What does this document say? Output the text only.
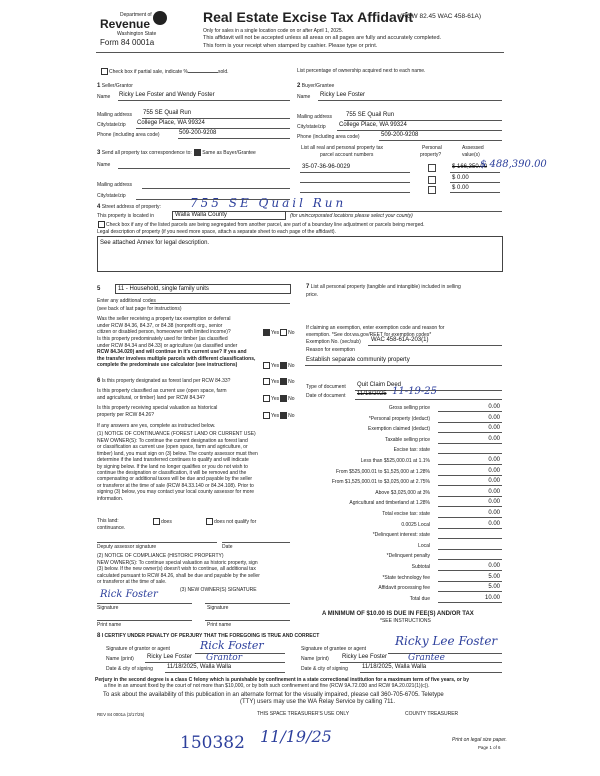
Department of
Revenue
Washington State
Form 84 0001a
Real Estate Excise Tax Affidavit
(RCW 82.45 WAC 458-61A)
Only for sales in a single location code on or after April 1, 2025.
This affidavit will not be accepted unless all areas on all pages are fully and accurately completed.
This form is your receipt when stamped by cashier. Please type or print.
Check box if partial sale, indicate %	sold.	List percentage of ownership acquired next to each name.
1 Seller/Grantor
Name Ricky Lee Foster and Wendy Foster
Mailing address 755 SE Quail Run
City/state/zip College Place, WA 99324
Phone (including area code)	509-200-9208
2 Buyer/Grantee
Name Ricky Lee Foster
Mailing address 755 SE Quail Run
City/state/zip College Place, WA 99324
Phone (including area code)	509-200-9208
3 Send all property tax correspondence to: Same as Buyer/Grantee
Name
Mailing address
City/state/zip
List all real and personal property tax
parcel account numbers
Personal
property?
Assessed
value(s)
35-07-36-96-0029	$ 166,350.00
$ 488,390.00
$ 0.00
$ 0.00
4 Street address of property: 755 SE Quail Run
This property is located in	Walla Walla County	(for unincorporated locations please select your county)
Check box if any of the listed parcels are being segregated from another parcel, are part of a boundary line adjustment or parcels being merged.
Legal description of property (if you need more space, attach a separate sheet to each page of the affidavit).
See attached Annex for legal description.
5	11 - Household, single family units
Enter any additional codes
(see back of last page for instructions)
Was the seller receiving a property tax exemption or deferral
under RCW 84.36, 84.37, or 84.38 (nonprofit org., senior
citizen or disabled person, homeowner with limited income)?	Yes No
Is this property predominately used for timber (as classified
under RCW 84.34 and 84.33) or agriculture (as classified under
RCW 84.34.020) and will continue in it's current use? If yes and
the transfer involves multiple parcels with different classifications,
complete the predominate use calculator (see instructions)	Yes No
6 Is this property designated as forest land per RCW 84.33?	Yes No
Is this property classified as current use (open space, farm
and agricultural, or timber) land per RCW 84.34?	Yes No
Is this property receiving special valuation as historical
property per RCW 84.26?	Yes No
If any answers are yes, complete as instructed below.
(1) NOTICE OF CONTINUANCE (FOREST LAND OR CURRENT USE)
NEW OWNER(S): To continue the current designation as forest land
or classification as current use (open space, farm and agriculture, or
timber) land, you must sign on (3) below. The county assessor must then
determine if the land transferred continues to qualify and will indicate
by signing below. If the land no longer qualifies or you do not wish to
continue the designation or classification, it will be removed and the
compensating or additional taxes will be due and payable by the seller
or transferor at the time of sale (RCW 84.33.140 or 84.34.108). Prior to
signing (3) below, you may contact your local county assessor for more
information.
This land:	does	does not qualify for
continuance.
Deputy assessor signature	Date
(2) NOTICE OF COMPLIANCE (HISTORIC PROPERTY)
NEW OWNER(S): To continue special valuation as historic property, sign
(3) below. If the new owner(s) doesn't wish to continue, all additional tax
calculated pursuant to RCW 84.26, shall be due and payable by the seller
or transferor at the time of sale.
(3) NEW OWNER(S) SIGNATURE
Rick Foster
Signature	Signature
Print name	Print name
7 List all personal property (tangible and intangible) included in selling
price.
If claiming an exemption, enter exemption code and reason for
exemption. *See dor.wa.gov/REET for exemption codes*
Exemption No. (sec/sub) WAC 458-61A-203(1)
Reason for exemption
Establish separate community property
Type of document Quit Claim Deed
Date of document 11/18/2025 11-19-25
Gross selling price	0.00
*Personal property (deduct)	0.00
Exemption claimed (deduct)	0.00
Taxable selling price	0.00
Excise tax: state
Less than $525,000.01 at 1.1%	0.00
From $525,000.01 to $1,525,000 at 1.28%	0.00
From $1,525,000.01 to $3,025,000 at 2.75%	0.00
Above $3,025,000 at 3%	0.00
Agricultural and timberland at 1.28%	0.00
Total excise tax: state	0.00
0.0025 Local	0.00
*Delinquent interest: state
Local
*Delinquent penalty
Subtotal	0.00
*State technology fee	5.00
Affidavit processing fee	5.00
Total due	10.00
A MINIMUM OF $10.00 IS DUE IN FEE(S) AND/OR TAX
*SEE INSTRUCTIONS
8 I CERTIFY UNDER PENALTY OF PERJURY THAT THE FOREGOING IS TRUE AND CORRECT
Signature of grantor or agent	Rick Foster
Name (print) Ricky Lee Foster Grantor
Date & city of signing 11/18/2025, Walla Walla
Signature of grantee or agent
Ricky Lee Foster
Name (print) Ricky Lee Foster Grantee
Date & city of signing 11/18/2025, Walla Walla
Perjury in the second degree is a class C felony which is punishable by confinement in a state correctional institution for a maximum term of five years, or by
a fine in an amount fixed by the court of not more than $10,000, or by both such confinement and fine (RCW 9A.72.030 and RCW 9A.20.021(1)(c)).
To ask about the availability of this publication in an alternate format for the visually impaired, please call 360-705-6705. Teletype
(TTY) users may use the WA Relay Service by calling 711.
REV 84 0001a (3/17/25)	THIS SPACE TREASURER'S USE ONLY	COUNTY TREASURER
150382 11/19/25	Print on legal size paper.
Page 1 of 6
